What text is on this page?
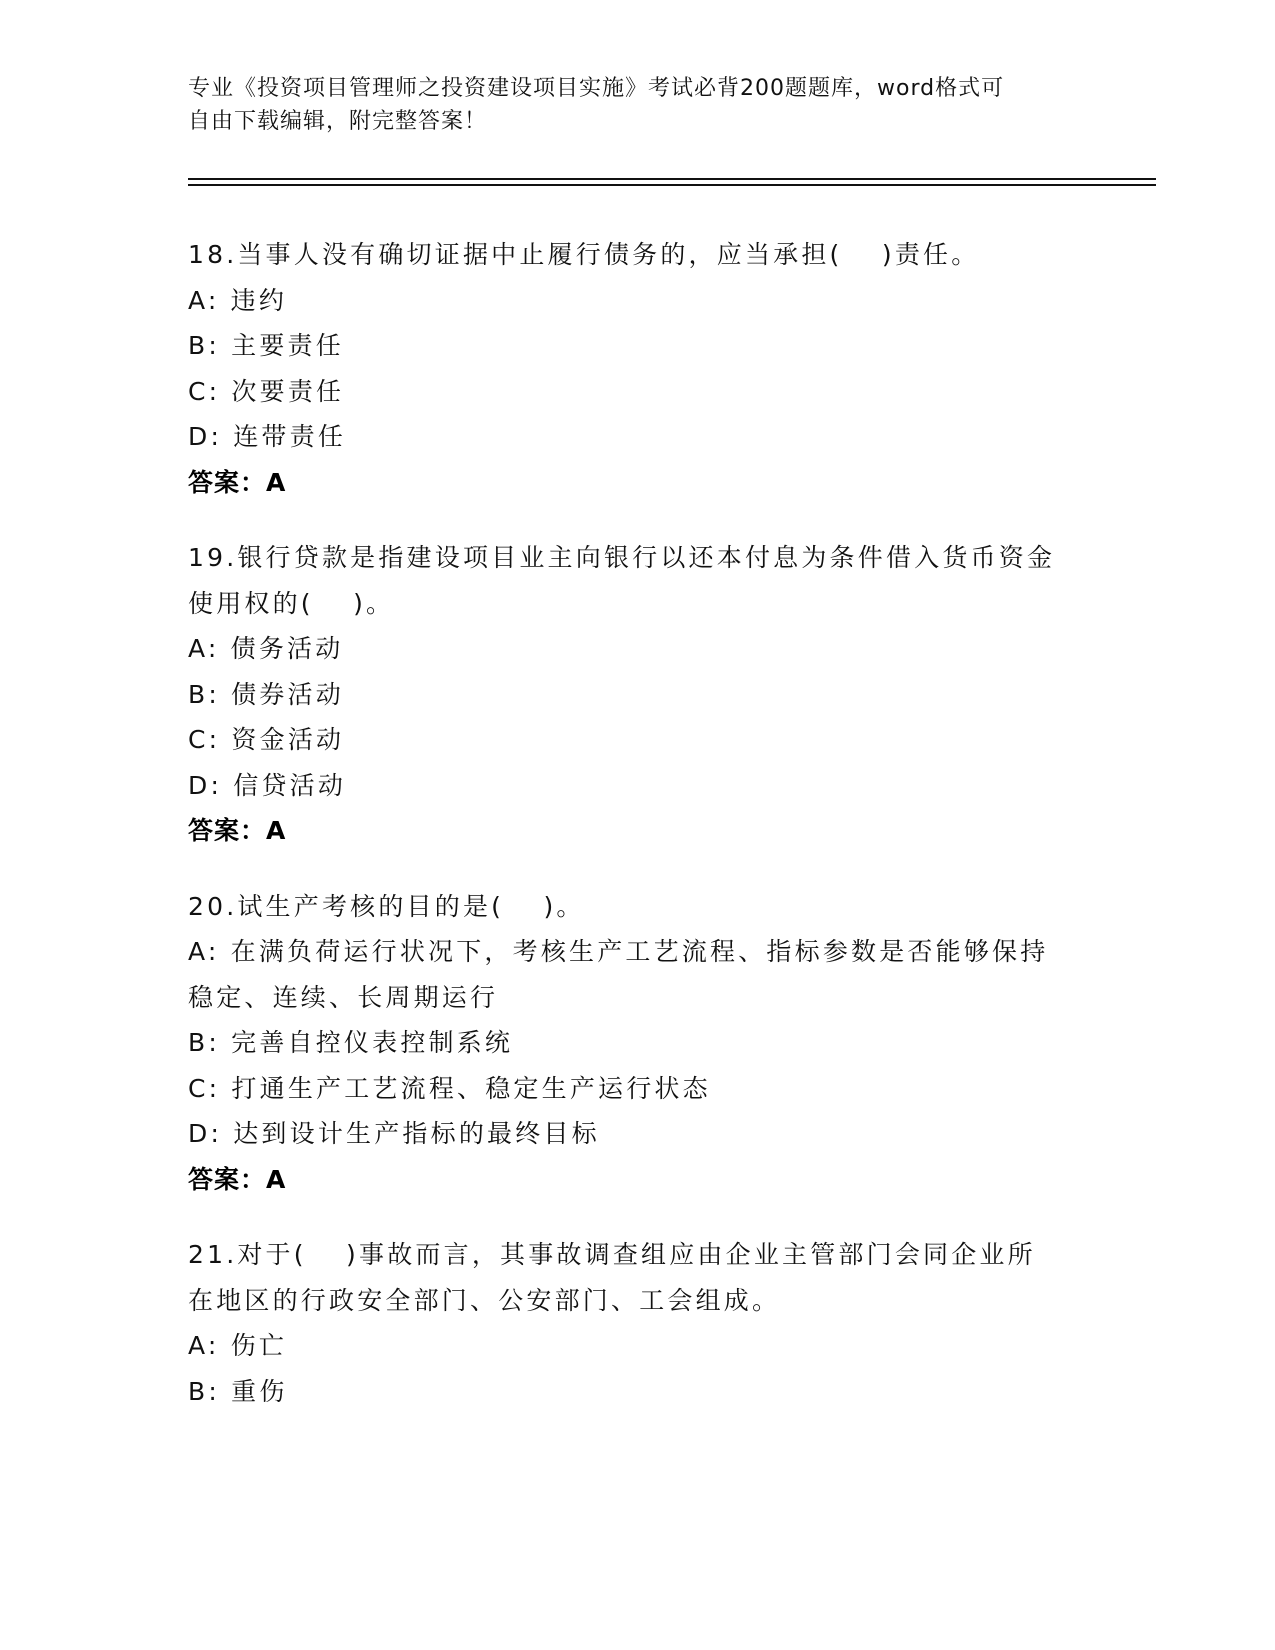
专业《投资项目管理师之投资建设项目实施》考试必背200题题库，word格式可
自由下载编辑，附完整答案！
18.当事人没有确切证据中止履行债务的，应当承担(　 )责任。
A: 违约
B: 主要责任
C: 次要责任
D: 连带责任
答案：A
19.银行贷款是指建设项目业主向银行以还本付息为条件借入货币资金
使用权的(　 )。
A: 债务活动
B: 债券活动
C: 资金活动
D: 信贷活动
答案：A
20.试生产考核的目的是(　 )。
A: 在满负荷运行状况下，考核生产工艺流程、指标参数是否能够保持
稳定、连续、长周期运行
B: 完善自控仪表控制系统
C: 打通生产工艺流程、稳定生产运行状态
D: 达到设计生产指标的最终目标
答案：A
21.对于(　 )事故而言，其事故调查组应由企业主管部门会同企业所
在地区的行政安全部门、公安部门、工会组成。
A: 伤亡
B: 重伤
